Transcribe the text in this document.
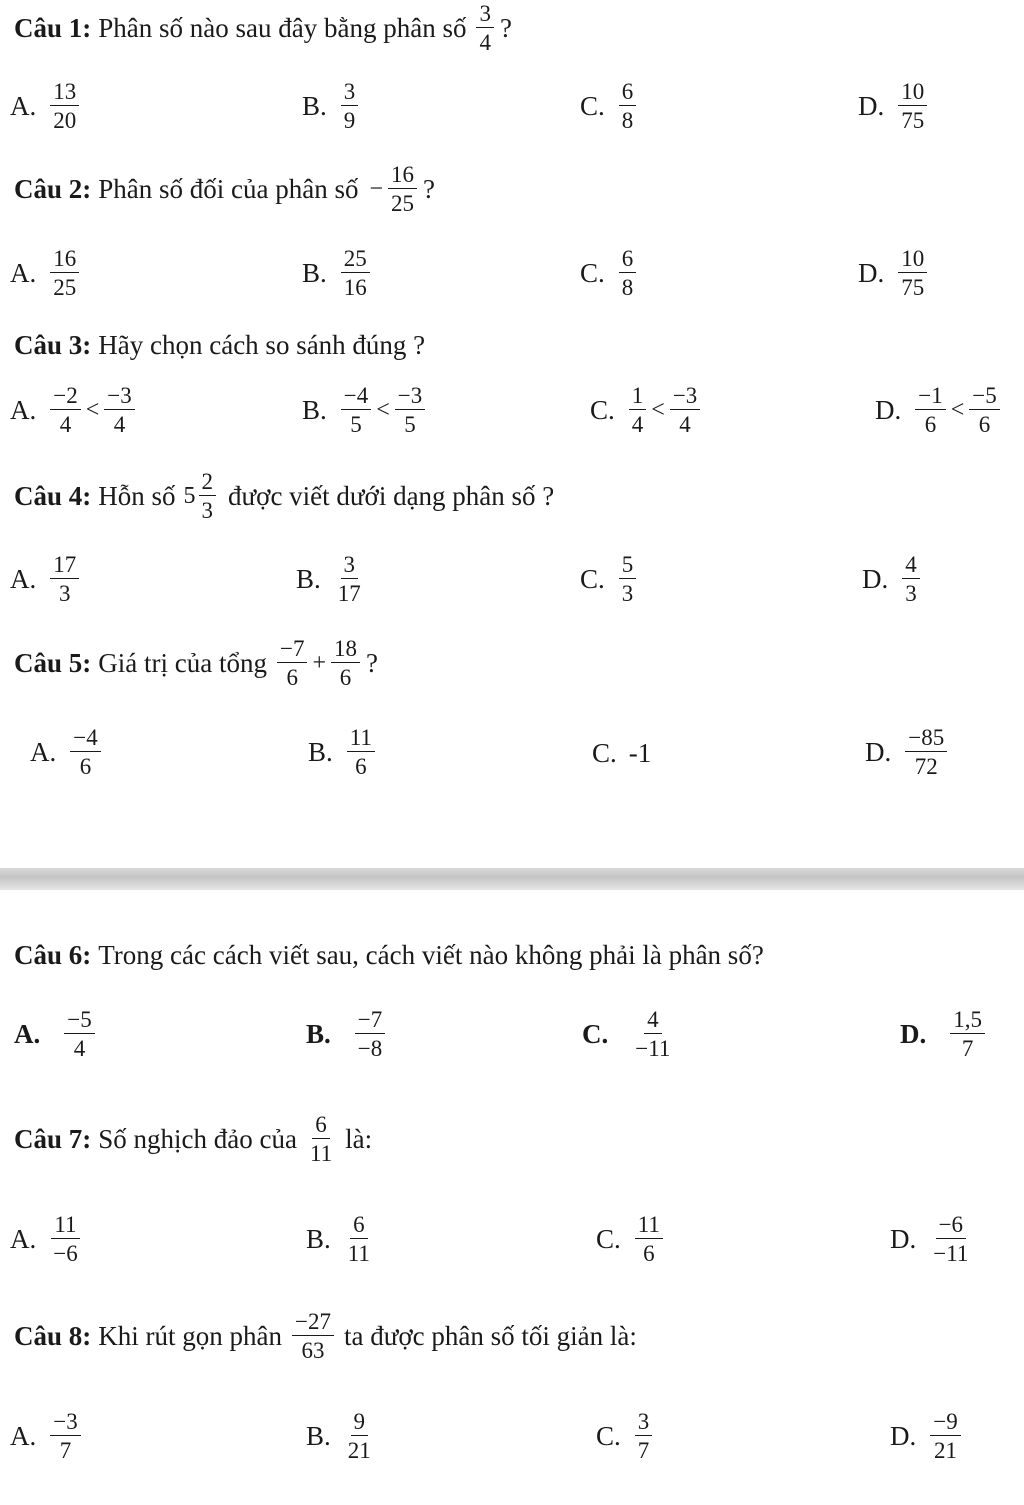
Câu 1: Phân số nào sau đây bằng phân số $\frac{3}{4}$ ?
A. $\frac{13}{20}$	B. $\frac{3}{9}$	C. $\frac{6}{8}$	D. $\frac{10}{75}$
Câu 2: Phân số đối của phân số − $\frac{16}{25}$ ?
A. $\frac{16}{25}$	B. $\frac{25}{16}$	C. $\frac{6}{8}$	D. $\frac{10}{75}$
Câu 3: Hãy chọn cách so sánh đúng ?
A. $\frac{-2}{4} < \frac{-3}{4}$	B. $\frac{-4}{5} < \frac{-3}{5}$	C. $\frac{1}{4} < \frac{-3}{4}$	D. $\frac{-1}{6} < \frac{-5}{6}$
Câu 4: Hỗn số $5 \frac{2}{3}$ được viết dưới dạng phân số ?
A. $\frac{17}{3}$	B. $\frac{3}{17}$	C. $\frac{5}{3}$	D. $\frac{4}{3}$
Câu 5: Giá trị của tổng $\frac{-7}{6} + \frac{18}{6}$ ?
A. $\frac{-4}{6}$	B. $\frac{11}{6}$	C. -1	D. $\frac{-85}{72}$
Câu 6: Trong các cách viết sau, cách viết nào không phải là phân số?
A. $\frac{-5}{4}$	B. $\frac{-7}{-8}$	C. $\frac{4}{-11}$	D. $\frac{1,5}{7}$
Câu 7: Số nghịch đảo của $\frac{6}{11}$ là:
A. $\frac{11}{-6}$	B. $\frac{6}{11}$	C. $\frac{11}{6}$	D. $\frac{-6}{-11}$
Câu 8: Khi rút gọn phân $\frac{-27}{63}$ ta được phân số tối giản là:
A. $\frac{-3}{7}$	B. $\frac{9}{21}$	C. $\frac{3}{7}$	D. $\frac{-9}{21}$
